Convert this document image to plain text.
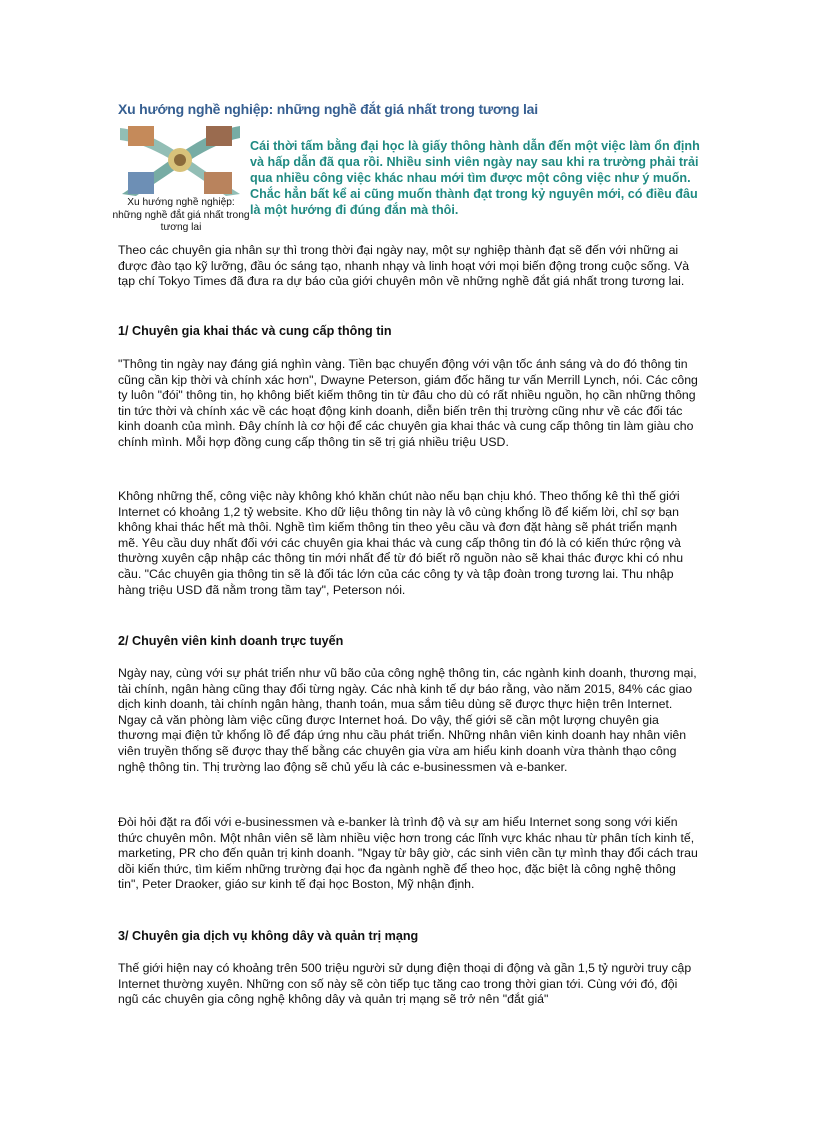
Xu hướng nghề nghiệp: những nghề đắt giá nhất trong tương lai
Xu hướng nghề nghiệp: những nghề đắt giá nhất trong tương lai
Cái thời tấm bằng đại học là giấy thông hành dẫn đến một việc làm ổn định và hấp dẫn đã qua rồi. Nhiều sinh viên ngày nay sau khi ra trường phải trải qua nhiều công việc khác nhau mới tìm được một công việc như ý muốn. Chắc hẳn bất kể ai cũng muốn thành đạt trong kỷ nguyên mới, có điều đâu là một hướng đi đúng đắn mà thôi.
Theo các chuyên gia nhân sự thì trong thời đại ngày nay, một sự nghiệp thành đạt sẽ đến với những ai được đào tạo kỹ lưỡng, đầu óc sáng tạo, nhanh nhạy và linh hoạt với mọi biến động trong cuộc sống. Và tạp chí Tokyo Times đã đưa ra dự báo của giới chuyên môn về những nghề đắt giá nhất trong tương lai.
1/ Chuyên gia khai thác và cung cấp thông tin
"Thông tin ngày nay đáng giá nghìn vàng. Tiền bạc chuyển động với vận tốc ánh sáng và do đó thông tin cũng cần kịp thời và chính xác hơn", Dwayne Peterson, giám đốc hãng tư vấn Merrill Lynch, nói. Các công ty luôn "đói" thông tin, họ không biết kiếm thông tin từ đâu cho dù có rất nhiều nguồn, họ cần những thông tin tức thời và chính xác về các hoạt động kinh doanh, diễn biến trên thị trường cũng như về các đối tác kinh doanh của mình. Đây chính là cơ hội để các chuyên gia khai thác và cung cấp thông tin làm giàu cho chính mình. Mỗi hợp đồng cung cấp thông tin sẽ trị giá nhiều triệu USD.
Không những thế, công việc này không khó khăn chút nào nếu bạn chịu khó. Theo thống kê thì thế giới Internet có khoảng 1,2 tỷ website. Kho dữ liệu thông tin này là vô cùng khổng lồ để kiếm lời, chỉ sợ bạn không khai thác hết mà thôi. Nghề tìm kiếm thông tin theo yêu cầu và đơn đặt hàng sẽ phát triển mạnh mẽ. Yêu cầu duy nhất đối với các chuyên gia khai thác và cung cấp thông tin đó là có kiến thức rộng và thường xuyên cập nhập các thông tin mới nhất để từ đó biết rõ nguồn nào sẽ khai thác được khi có nhu cầu. "Các chuyên gia thông tin sẽ là đối tác lớn của các công ty và tập đoàn trong tương lai. Thu nhập hàng triệu USD đã nằm trong tầm tay", Peterson nói.
2/ Chuyên viên kinh doanh trực tuyến
Ngày nay, cùng với sự phát triển như vũ bão của công nghệ thông tin, các ngành kinh doanh, thương mại, tài chính, ngân hàng cũng thay đổi từng ngày. Các nhà kinh tế dự báo rằng, vào năm 2015, 84% các giao dịch kinh doanh, tài chính ngân hàng, thanh toán, mua sắm tiêu dùng sẽ được thực hiện trên Internet. Ngay cả văn phòng làm việc cũng được Internet hoá. Do vậy, thế giới sẽ cần một lượng chuyên gia thương mại điện tử khổng lồ để đáp ứng nhu cầu phát triển. Những nhân viên kinh doanh hay nhân viên viên truyền thống sẽ được thay thế bằng các chuyên gia vừa am hiểu kinh doanh vừa thành thạo công nghệ thông tin. Thị trường lao động sẽ chủ yếu là các e-businessmen và e-banker.
Đòi hỏi đặt ra đối với e-businessmen và e-banker là trình độ và sự am hiểu Internet song song với kiến thức chuyên môn. Một nhân viên sẽ làm nhiều việc hơn trong các lĩnh vực khác nhau từ phân tích kinh tế, marketing, PR cho đến quản trị kinh doanh. "Ngay từ bây giờ, các sinh viên cần tự mình thay đổi cách trau dồi kiến thức, tìm kiếm những trường đại học đa ngành nghề để theo học, đặc biệt là công nghệ thông tin", Peter Draoker, giáo sư kinh tế đại học Boston, Mỹ nhận định.
3/ Chuyên gia dịch vụ không dây và quản trị mạng
Thế giới hiện nay có khoảng trên 500 triệu người sử dụng điện thoại di động và gần 1,5 tỷ người truy cập Internet thường xuyên. Những con số này sẽ còn tiếp tục tăng cao trong thời gian tới. Cùng với đó, đội ngũ các chuyên gia công nghệ không dây và quản trị mạng sẽ trở nên "đắt giá"
